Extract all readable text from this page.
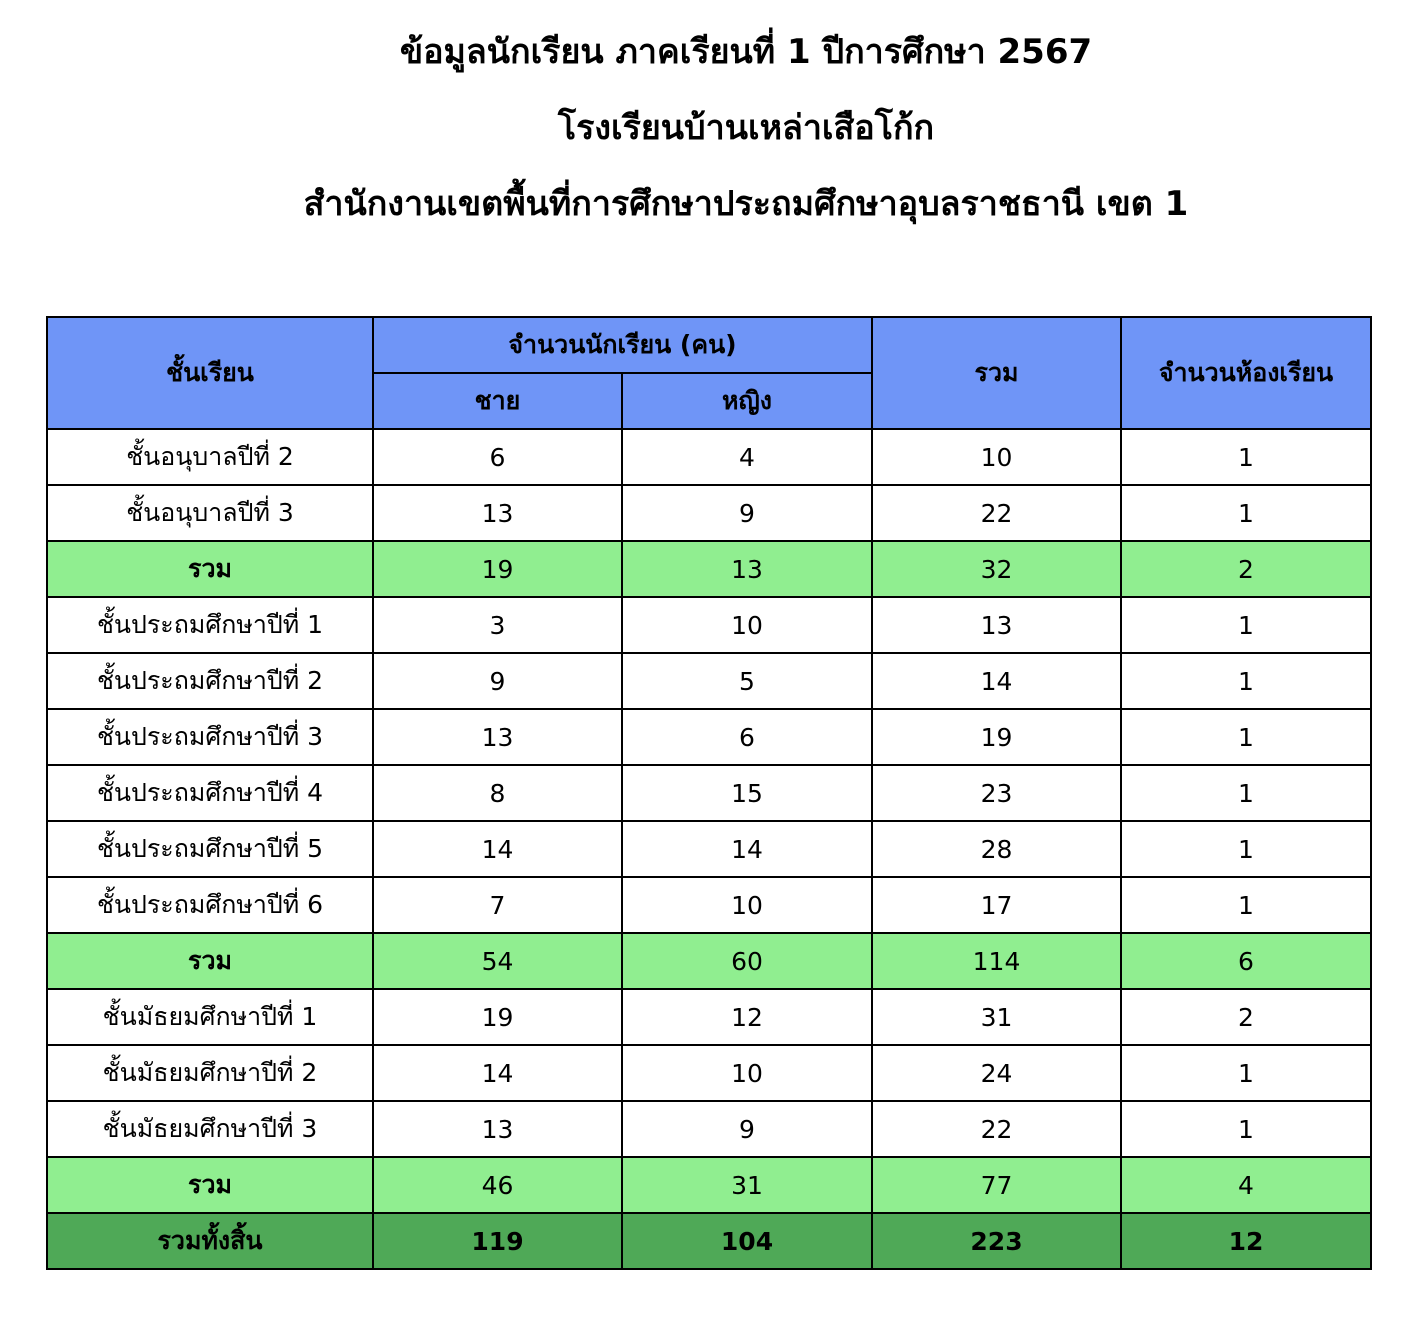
ข้อมูลนักเรียน ภาคเรียนที่ 1 ปีการศึกษา 2567
โรงเรียนบ้านเหล่าเสือโก้ก
สำนักงานเขตพื้นที่การศึกษาประถมศึกษาอุบลราชธานี เขต 1
ชั้นเรียน	จำนวนนักเรียน (คน)		รวม	จำนวนห้องเรียน
	ชาย	หญิง		
ชั้นอนุบาลปีที่ 2	6	4	10	1
ชั้นอนุบาลปีที่ 3	13	9	22	1
รวม	19	13	32	2
ชั้นประถมศึกษาปีที่ 1	3	10	13	1
ชั้นประถมศึกษาปีที่ 2	9	5	14	1
ชั้นประถมศึกษาปีที่ 3	13	6	19	1
ชั้นประถมศึกษาปีที่ 4	8	15	23	1
ชั้นประถมศึกษาปีที่ 5	14	14	28	1
ชั้นประถมศึกษาปีที่ 6	7	10	17	1
รวม	54	60	114	6
ชั้นมัธยมศึกษาปีที่ 1	19	12	31	2
ชั้นมัธยมศึกษาปีที่ 2	14	10	24	1
ชั้นมัธยมศึกษาปีที่ 3	13	9	22	1
รวม	46	31	77	4
รวมทั้งสิ้น	119	104	223	12
